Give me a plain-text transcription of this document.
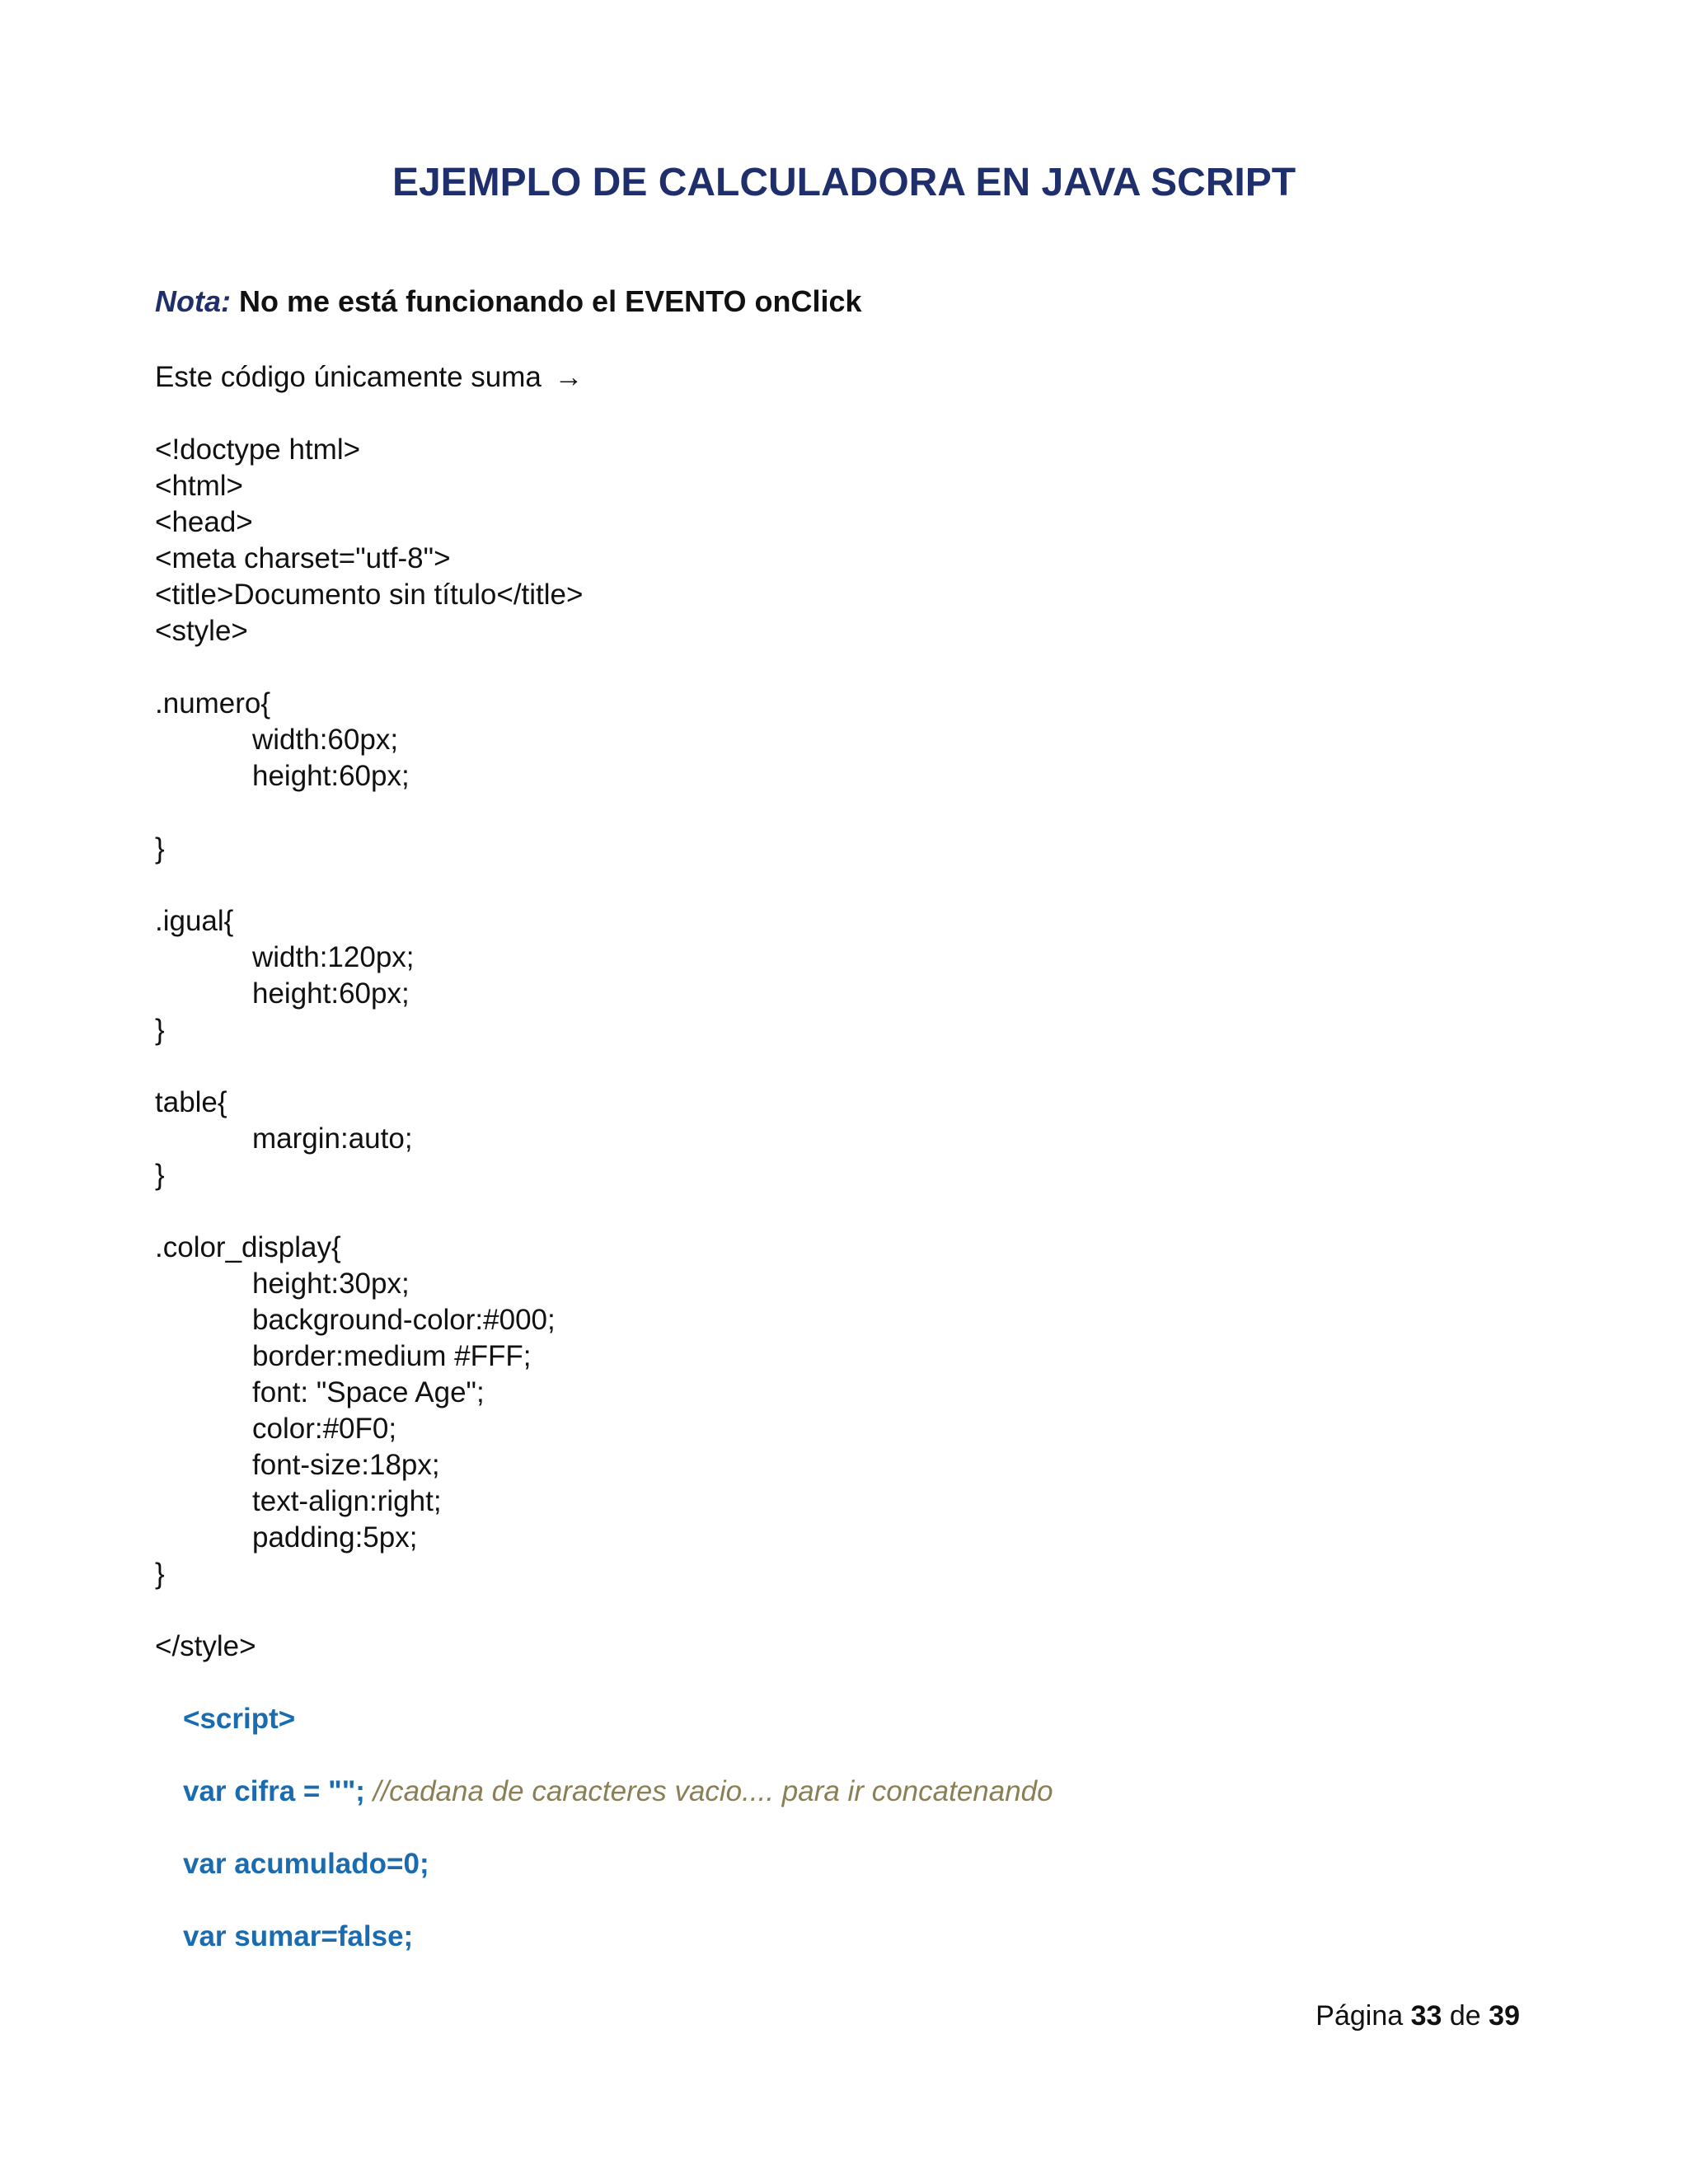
EJEMPLO DE CALCULADORA EN JAVA SCRIPT
Nota: No me está funcionando el EVENTO onClick
Este código únicamente suma →
<!doctype html>
<html>
<head>
<meta charset="utf-8">
<title>Documento sin título</title>
<style>
.numero{
width:60px;
height:60px;
}
.igual{
width:120px;
height:60px;
}
table{
margin:auto;
}
.color_display{
height:30px;
background-color:#000;
border:medium #FFF;
font: "Space Age";
color:#0F0;
font-size:18px;
text-align:right;
padding:5px;
}
</style>
<script>
var cifra = ""; //cadana de caracteres vacio.... para ir concatenando
var acumulado=0;
var sumar=false;
Página 33 de 39
